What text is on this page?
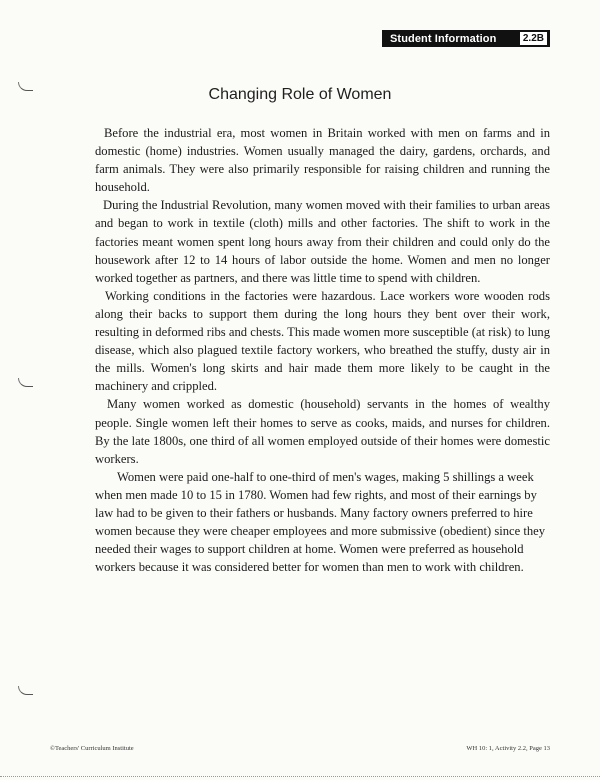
Student Information	2.2B
Changing Role of Women

Before the industrial era, most women in Britain worked with men on farms and in domestic (home) industries. Women usually managed the dairy, gardens, orchards, and farm animals. They were also primarily responsible for raising children and running the household.

During the Industrial Revolution, many women moved with their families to urban areas and began to work in textile (cloth) mills and other factories. The shift to work in the factories meant women spent long hours away from their children and could only do the housework after 12 to 14 hours of labor outside the home. Women and men no longer worked together as partners, and there was little time to spend with children.

Working conditions in the factories were hazardous. Lace workers wore wooden rods along their backs to support them during the long hours they bent over their work, resulting in deformed ribs and chests. This made women more susceptible (at risk) to lung disease, which also plagued textile factory workers, who breathed the stuffy, dusty air in the mills. Women's long skirts and hair made them more likely to be caught in the machinery and crippled.

Many women worked as domestic (household) servants in the homes of wealthy people. Single women left their homes to serve as cooks, maids, and nurses for children. By the late 1800s, one third of all women employed outside of their homes were domestic workers.

Women were paid one-half to one-third of men's wages, making 5 shillings a week when men made 10 to 15 in 1780. Women had few rights, and most of their earnings by law had to be given to their fathers or husbands. Many factory owners preferred to hire women because they were cheaper employees and more submissive (obedient) since they needed their wages to support children at home. Women were preferred as household workers because it was considered better for women than men to work with children.

©Teachers' Curriculum Institute	WH 10: 1, Activity 2.2, Page 13
